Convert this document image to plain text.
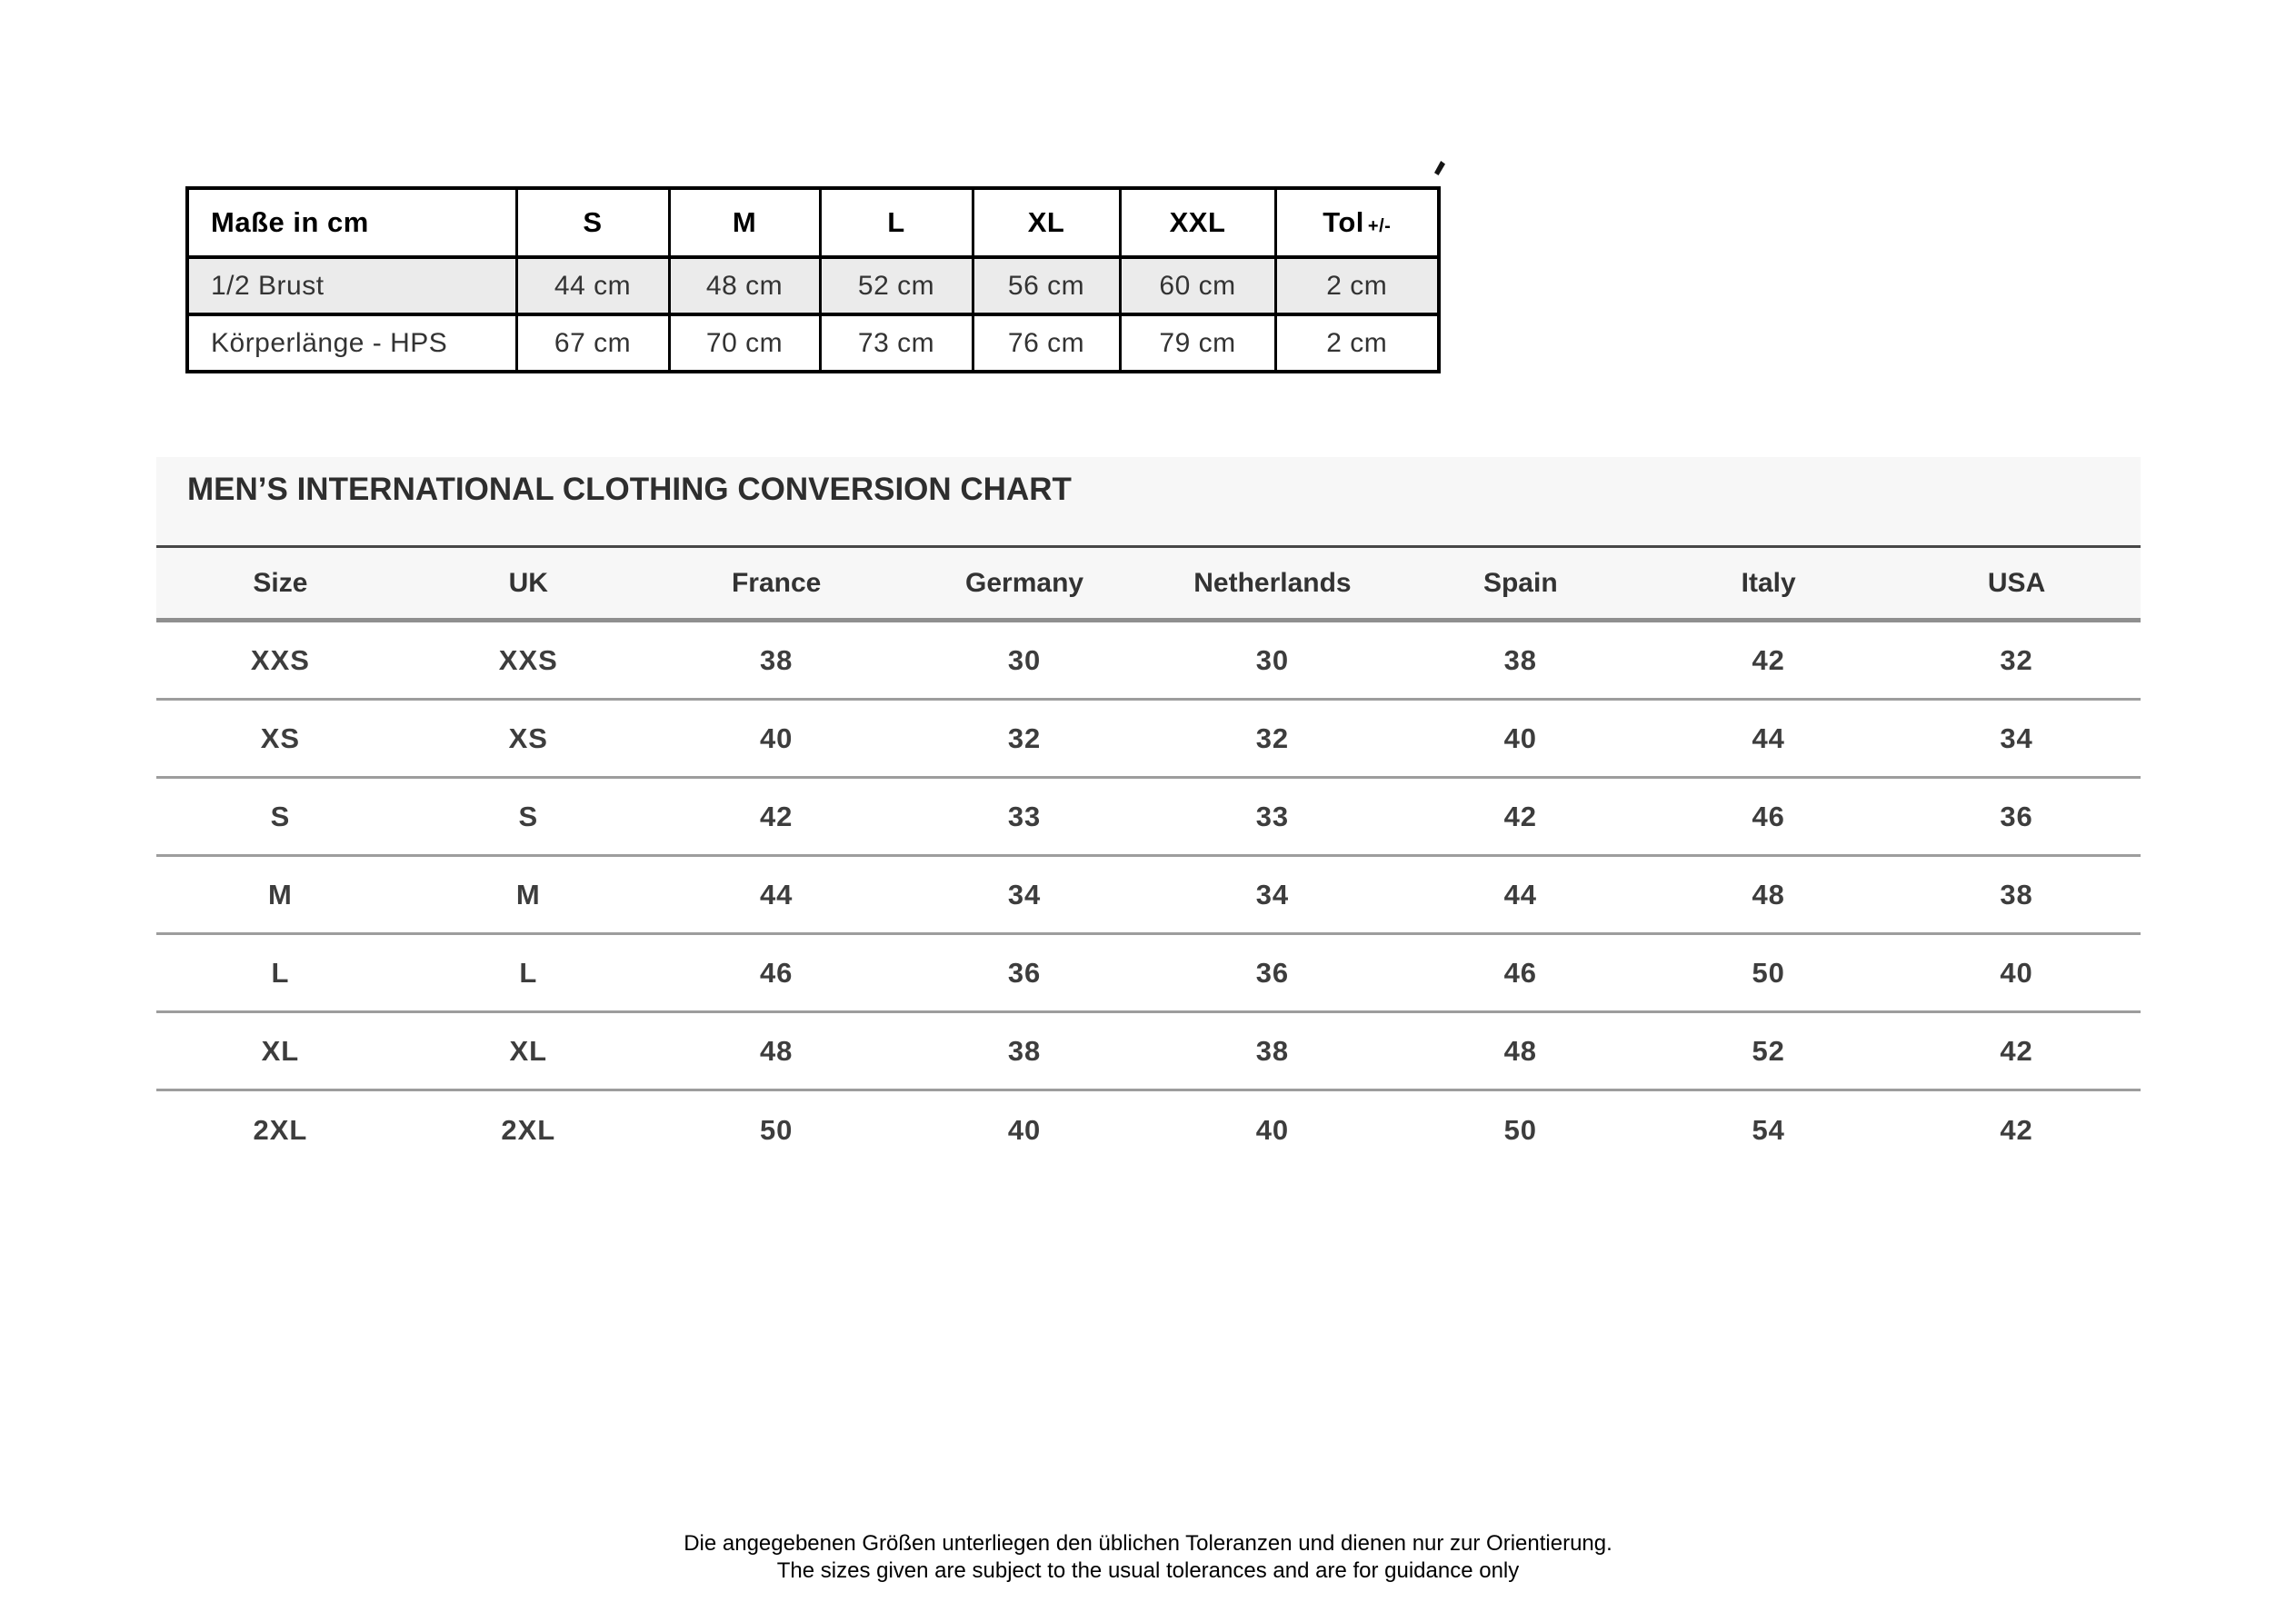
Maße in cm	S	M	L	XL	XXL	Tol +/-
1/2 Brust	44 cm	48 cm	52 cm	56 cm	60 cm	2 cm
Körperlänge - HPS	67 cm	70 cm	73 cm	76 cm	79 cm	2 cm
MEN’S INTERNATIONAL CLOTHING CONVERSION CHART
Size	UK	France	Germany	Netherlands	Spain	Italy	USA
XXS	XXS	38	30	30	38	42	32
XS	XS	40	32	32	40	44	34
S	S	42	33	33	42	46	36
M	M	44	34	34	44	48	38
L	L	46	36	36	46	50	40
XL	XL	48	38	38	48	52	42
2XL	2XL	50	40	40	50	54	42
Die angegebenen Größen unterliegen den üblichen Toleranzen und dienen nur zur Orientierung.
The sizes given are subject to the usual tolerances and are for guidance only
